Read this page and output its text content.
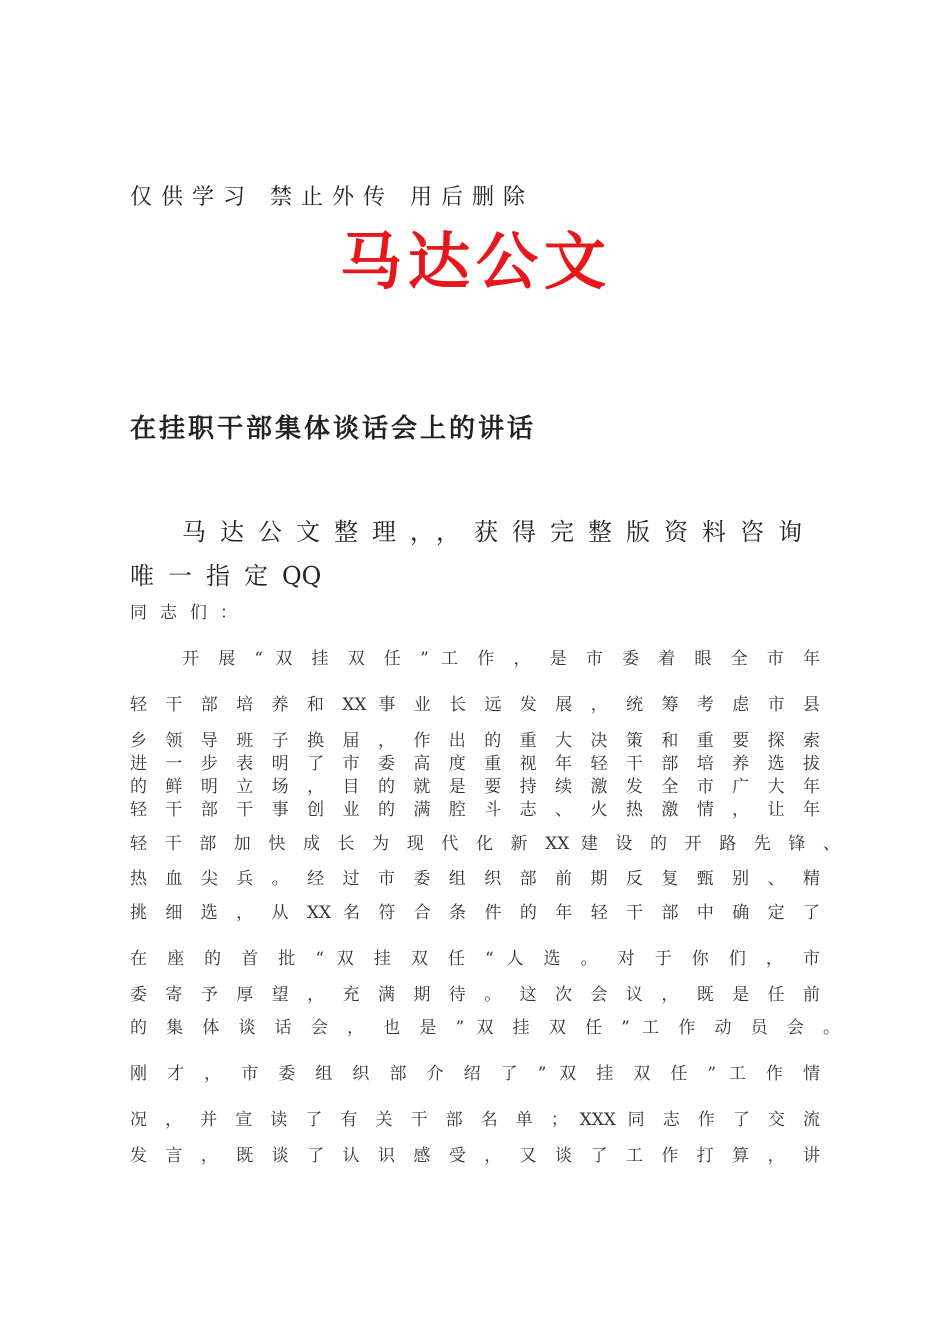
仅供学习 禁止外传 用后删除
马达公文
在挂职干部集体谈话会上的讲话
马达公文整理，，获得完整版资料咨询唯一指定QQ
同志们：
开 展 “ 双 挂 双 任 ” 工 作 ， 是 市 委 着 眼 全 市 年
轻 干 部 培 养 和 XX 事 业 长 远 发 展 ， 统 筹 考 虑 市 县
乡 领 导 班 子 换 届 ， 作 出 的 重 大 决 策 和 重 要 探 索
进 一 步 表 明 了 市 委 高 度 重 视 年 轻 干 部 培 养 选 拔
的 鲜 明 立 场 ， 目 的 就 是 要 持 续 激 发 全 市 广 大 年
轻 干 部 干 事 创 业 的 满 腔 斗 志 、 火 热 激 情 ， 让 年
轻 干 部 加 快 成 长 为 现 代 化 新 XX 建 设 的 开 路 先 锋 、
热 血 尖 兵 。 经 过 市 委 组 织 部 前 期 反 复 甄 别 、 精
挑 细 选 ， 从 XX 名 符 合 条 件 的 年 轻 干 部 中 确 定 了
在 座 的 首 批 “ 双 挂 双 任 “ 人 选 。 对 于 你 们 ， 市
委 寄 予 厚 望 ， 充 满 期 待 。 这 次 会 议 ， 既 是 任 前
的 集 体 谈 话 会 ， 也 是 ” 双 挂 双 任 ” 工 作 动 员 会 。
刚 才 ， 市 委 组 织 部 介 绍 了 ” 双 挂 双 任 ” 工 作 情
况 ， 并 宣 读 了 有 关 干 部 名 单 ； XXX 同 志 作 了 交 流
发 言 ， 既 谈 了 认 识 感 受 ， 又 谈 了 工 作 打 算 ， 讲
